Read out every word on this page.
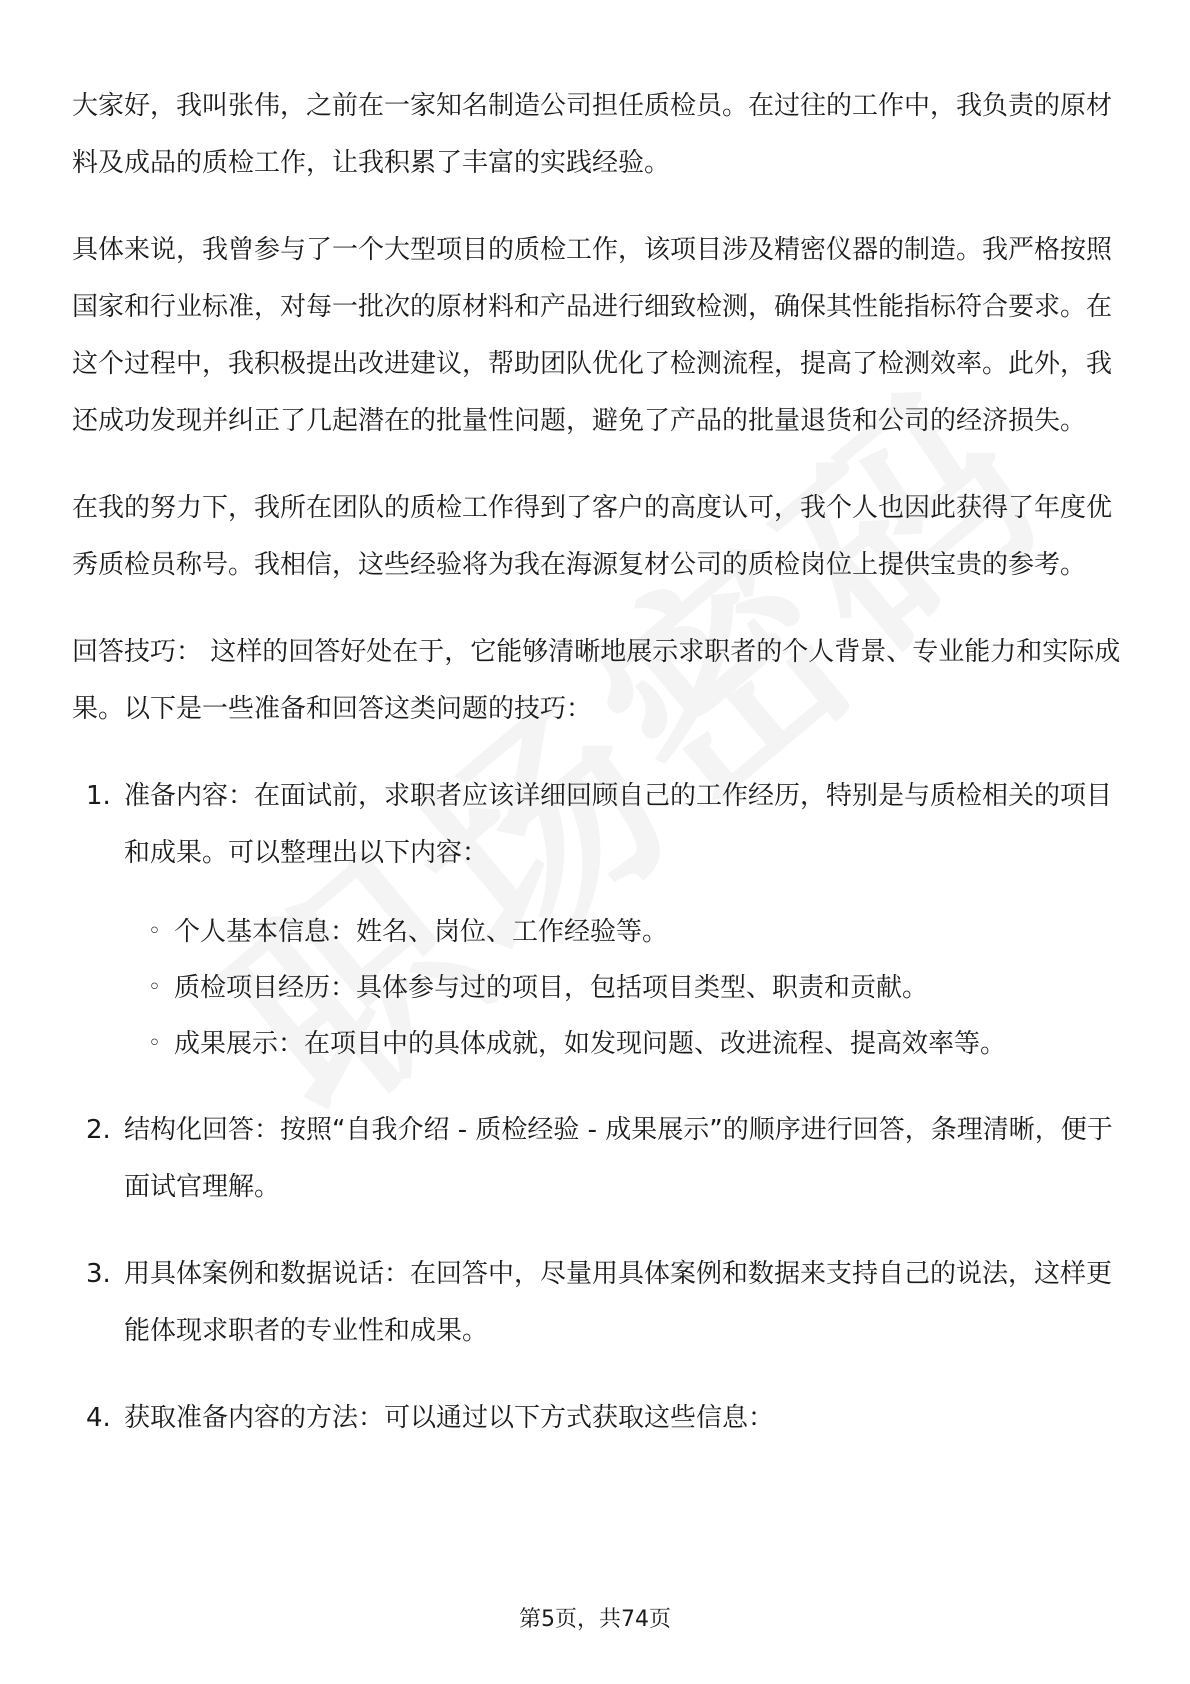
大家好，我叫张伟，之前在一家知名制造公司担任质检员。在过往的工作中，我负责的原材料及成品的质检工作，让我积累了丰富的实践经验。

具体来说，我曾参与了一个大型项目的质检工作，该项目涉及精密仪器的制造。我严格按照国家和行业标准，对每一批次的原材料和产品进行细致检测，确保其性能指标符合要求。在这个过程中，我积极提出改进建议，帮助团队优化了检测流程，提高了检测效率。此外，我还成功发现并纠正了几起潜在的批量性问题，避免了产品的批量退货和公司的经济损失。

在我的努力下，我所在团队的质检工作得到了客户的高度认可，我个人也因此获得了年度优秀质检员称号。我相信，这些经验将为我在海源复材公司的质检岗位上提供宝贵的参考。

回答技巧： 这样的回答好处在于，它能够清晰地展示求职者的个人背景、专业能力和实际成果。以下是一些准备和回答这类问题的技巧：

1. 准备内容：在面试前，求职者应该详细回顾自己的工作经历，特别是与质检相关的项目和成果。可以整理出以下内容：
◦ 个人基本信息：姓名、岗位、工作经验等。
◦ 质检项目经历：具体参与过的项目，包括项目类型、职责和贡献。
◦ 成果展示：在项目中的具体成就，如发现问题、改进流程、提高效率等。
2. 结构化回答：按照“自我介绍 - 质检经验 - 成果展示”的顺序进行回答，条理清晰，便于面试官理解。
3. 用具体案例和数据说话：在回答中，尽量用具体案例和数据来支持自己的说法，这样更能体现求职者的专业性和成果。
4. 获取准备内容的方法：可以通过以下方式获取这些信息：
第5页，共74页
